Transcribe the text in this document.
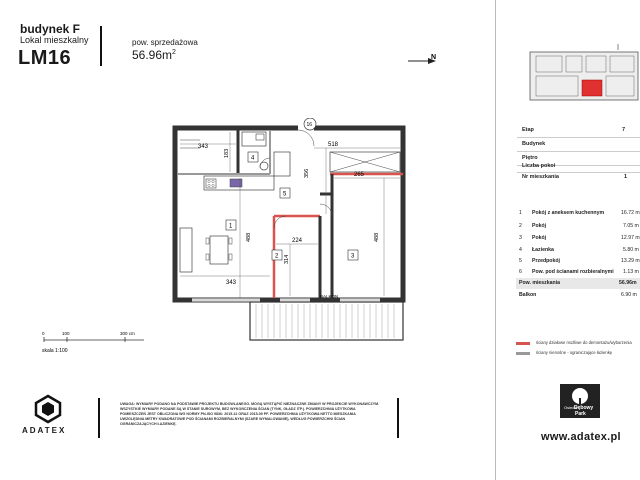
budynek F
Lokal mieszkalny
LM16
pow. sprzedażowa
$56.96m^2$
N
BALKON
16
343
183
518
356	265
488	224
314
488
343
1
2	3
4
5
0	100	300 cm
skala 1:100
ADATEX
UWAGA: WYMIARY PODANO NA PODSTAWIE PROJEKTU BUDOWLANEGO. MOGĄ WYSTĄPIĆ NIEZNACZNE ZMIANY W PROJEKCIE WYKONAWCZYM. WSZYSTKIE WYMIARY PODANE SĄ W STANIE SUROWYM, BEZ WYKOŃCZENIA ŚCIAN (TYNK, GŁADZ ITP.). POWIERZCHNIA UŻYTKOWA POMIESZCZEŃ JEST OBLICZONA WG NORMY PN-ISO 9836: 2015-12 ORAZ 2015-09 PF. POWIERZCHNIA UŻYTKOWA NETTO MIESZKANIA UWZGLĘDNIA METRY KWADRATOWE POD ŚCIANAMI ROZBIERALNYMI (SZARE WYMALOWANIE), WEDŁUG POWIERZCHNI ŚCIAN OGRANICZAJĄCYCH ŁAZIENKĘ.
Etap	7
Budynek
Piętro
Liczba pokoi
Nr mieszkania	1
1 Pokój z aneksem kuchennym	16.72 m
2 Pokój	7.05 m
3 Pokój	12.97 m
4 Łazienka	5.80 m
5 Przedpokój	13.29 m
6 Pow. pod ścianami rozbieralnymi 1.13 m
Pow. mieszkania	56.96m
Balkon	6.90 m
ściany działowe możliwe do demontażu/wyburzenia
ściany nienośne - ograniczające łazienkę
Osiedle
Dębowy
Park
www.adatex.pl
